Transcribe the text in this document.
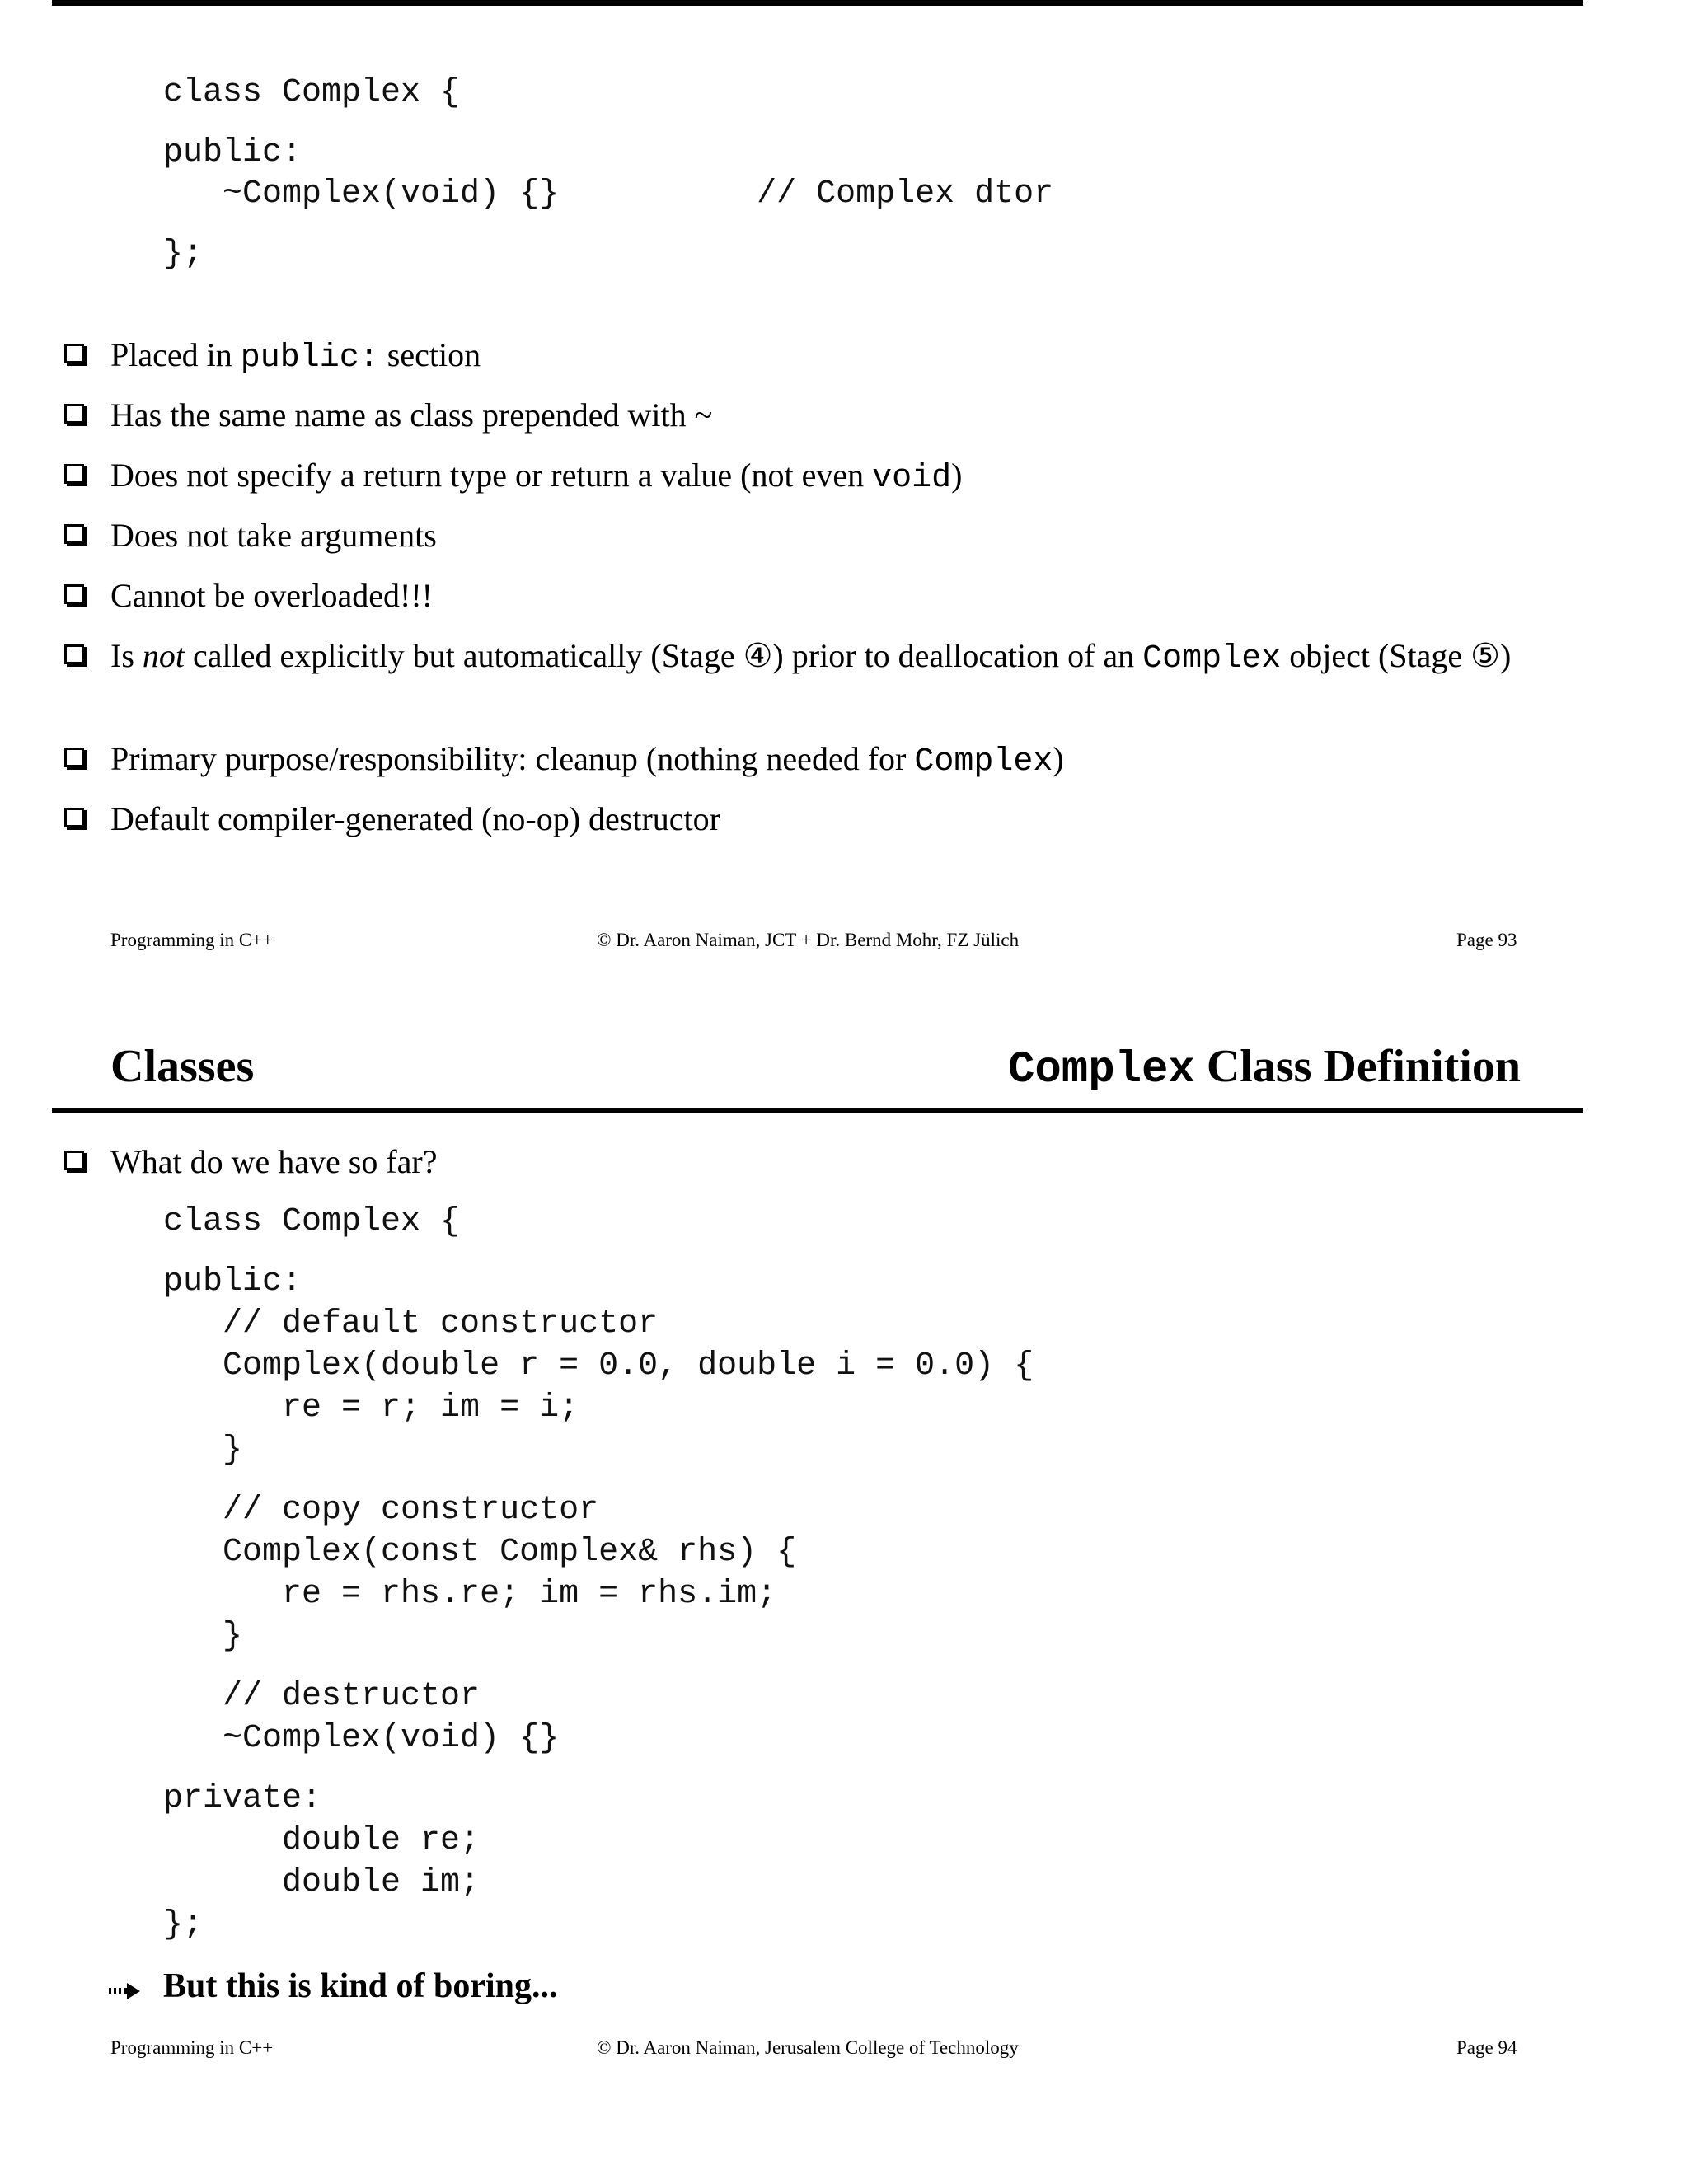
class Complex {
public:
~Complex(void) {}          // Complex dtor
};
Placed in public: section
Has the same name as class prepended with ~
Does not specify a return type or return a value (not even void)
Does not take arguments
Cannot be overloaded!!!
Is not called explicitly but automatically (Stage ④) prior to deallocation of an Complex object (Stage ⑤)
Primary purpose/responsibility: cleanup (nothing needed for Complex)
Default compiler-generated (no-op) destructor
Programming in C++	© Dr. Aaron Naiman, JCT + Dr. Bernd Mohr, FZ Jülich	Page 93
Classes	Complex Class Definition
What do we have so far?
class Complex {
public:
// default constructor
Complex(double r = 0.0, double i = 0.0) {
re = r; im = i;
}
// copy constructor
Complex(const Complex& rhs) {
re = rhs.re; im = rhs.im;
}
// destructor
~Complex(void) {}
private:
double re;
double im;
};
But this is kind of boring...
Programming in C++	© Dr. Aaron Naiman, Jerusalem College of Technology	Page 94
